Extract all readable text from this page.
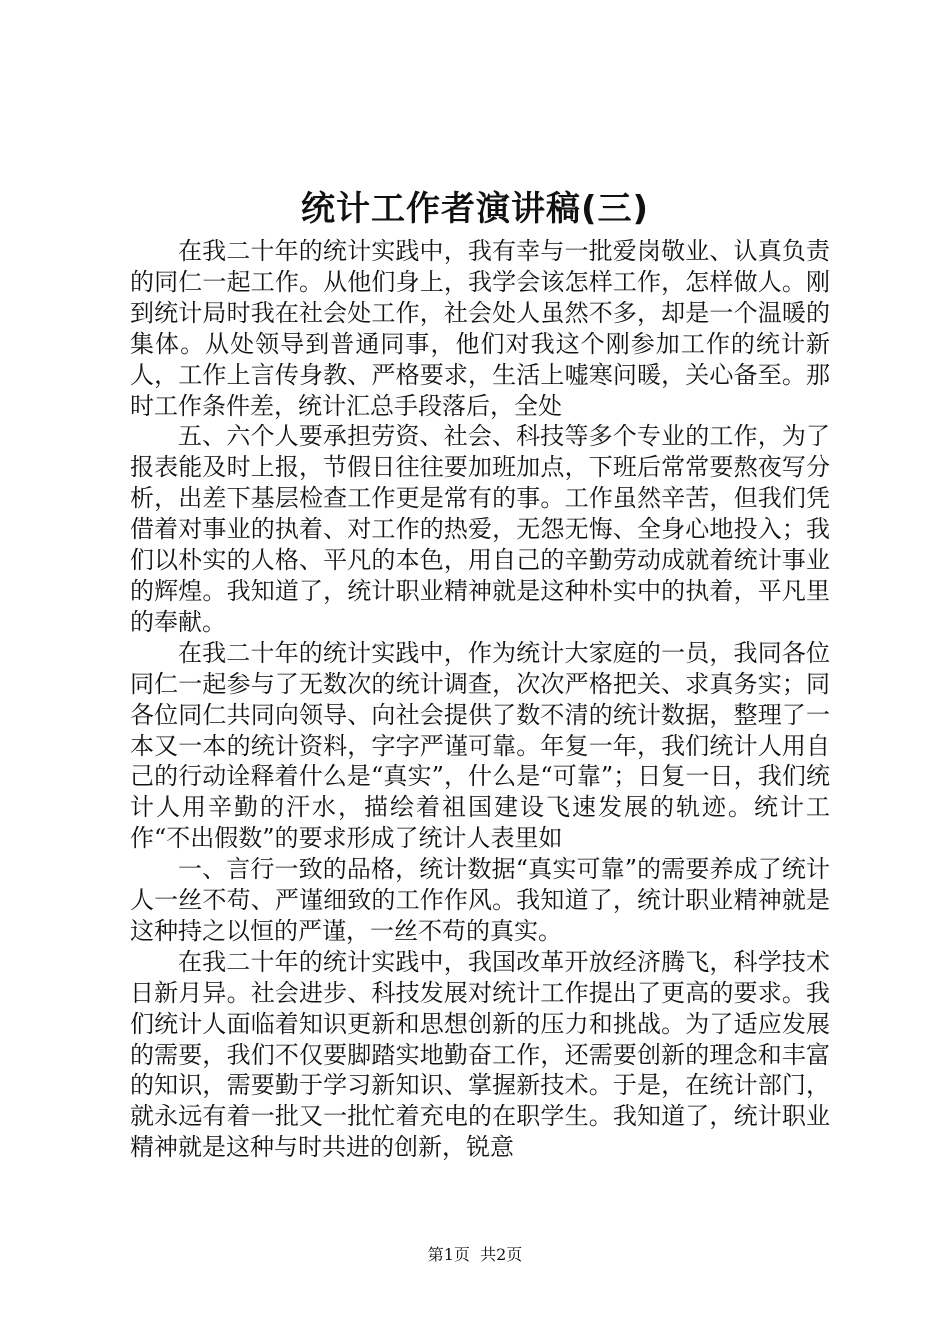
统计工作者演讲稿(三)

在我二十年的统计实践中，我有幸与一批爱岗敬业、认真负责的同仁一起工作。从他们身上，我学会该怎样工作，怎样做人。刚到统计局时我在社会处工作，社会处人虽然不多，却是一个温暖的集体。从处领导到普通同事，他们对我这个刚参加工作的统计新人，工作上言传身教、严格要求，生活上嘘寒问暖，关心备至。那时工作条件差，统计汇总手段落后，全处

五、六个人要承担劳资、社会、科技等多个专业的工作，为了报表能及时上报，节假日往往要加班加点，下班后常常要熬夜写分析，出差下基层检查工作更是常有的事。工作虽然辛苦，但我们凭借着对事业的执着、对工作的热爱，无怨无悔、全身心地投入；我们以朴实的人格、平凡的本色，用自己的辛勤劳动成就着统计事业的辉煌。我知道了，统计职业精神就是这种朴实中的执着，平凡里的奉献。

在我二十年的统计实践中，作为统计大家庭的一员，我同各位同仁一起参与了无数次的统计调查，次次严格把关、求真务实；同各位同仁共同向领导、向社会提供了数不清的统计数据，整理了一本又一本的统计资料，字字严谨可靠。年复一年，我们统计人用自己的行动诠释着什么是“真实”，什么是“可靠”；日复一日，我们统计人用辛勤的汗水，描绘着祖国建设飞速发展的轨迹。统计工作“不出假数”的要求形成了统计人表里如

一、言行一致的品格，统计数据“真实可靠”的需要养成了统计人一丝不苟、严谨细致的工作作风。我知道了，统计职业精神就是这种持之以恒的严谨，一丝不苟的真实。

在我二十年的统计实践中，我国改革开放经济腾飞，科学技术日新月异。社会进步、科技发展对统计工作提出了更高的要求。我们统计人面临着知识更新和思想创新的压力和挑战。为了适应发展的需要，我们不仅要脚踏实地勤奋工作，还需要创新的理念和丰富的知识，需要勤于学习新知识、掌握新技术。于是，在统计部门，就永远有着一批又一批忙着充电的在职学生。我知道了，统计职业精神就是这种与时共进的创新，锐意

第1页 共2页
